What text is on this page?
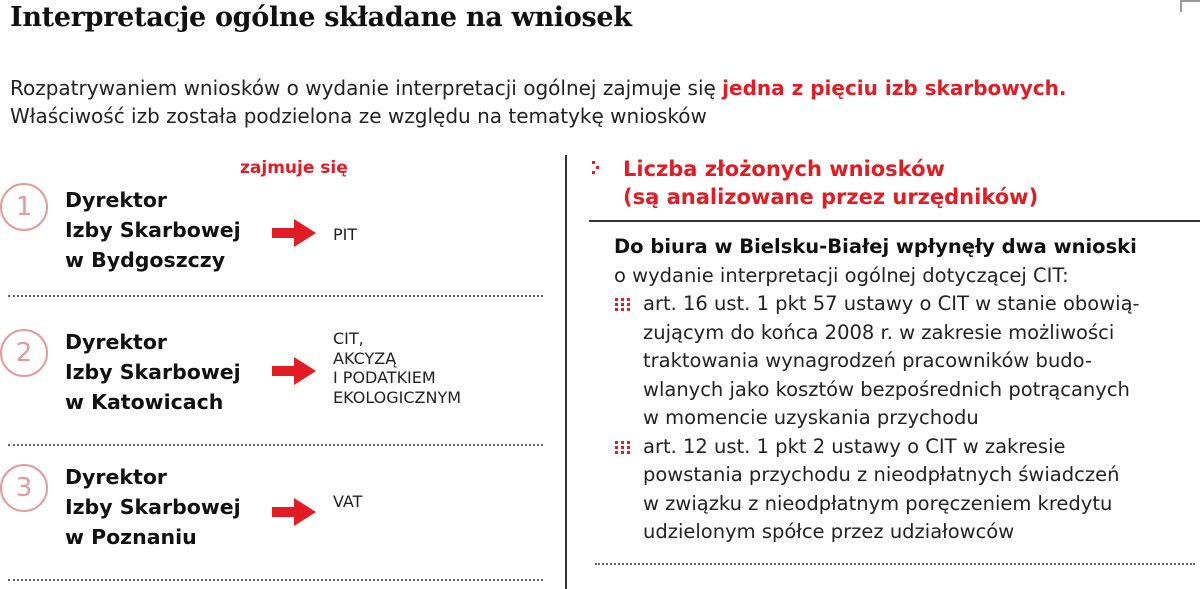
Interpretacje ogólne składane na wniosek
Rozpatrywaniem wniosków o wydanie interpretacji ogólnej zajmuje się jedna z pięciu izb skarbowych.
Właściwość izb została podzielona ze względu na tematykę wniosków
zajmuje się
1	Dyrektor
Izby Skarbowej
w Bydgoszczy
PIT
2	Dyrektor
Izby Skarbowej
w Katowicach
CIT,
AKCYZĄ
I PODATKIEM
EKOLOGICZNYM
3	Dyrektor
Izby Skarbowej
w Poznaniu
VAT
Liczba złożonych wniosków
(są analizowane przez urzędników)
Do biura w Bielsku-Białej wpłynęły dwa wnioski
o wydanie interpretacji ogólnej dotyczącej CIT:
art. 16 ust. 1 pkt 57 ustawy o CIT w stanie obowią-
zującym do końca 2008 r. w zakresie możliwości
traktowania wynagrodzeń pracowników budo-
wlanych jako kosztów bezpośrednich potrącanych
w momencie uzyskania przychodu
art. 12 ust. 1 pkt 2 ustawy o CIT w zakresie
powstania przychodu z nieodpłatnych świadczeń
w związku z nieodpłatnym poręczeniem kredytu
udzielonym spółce przez udziałowców
